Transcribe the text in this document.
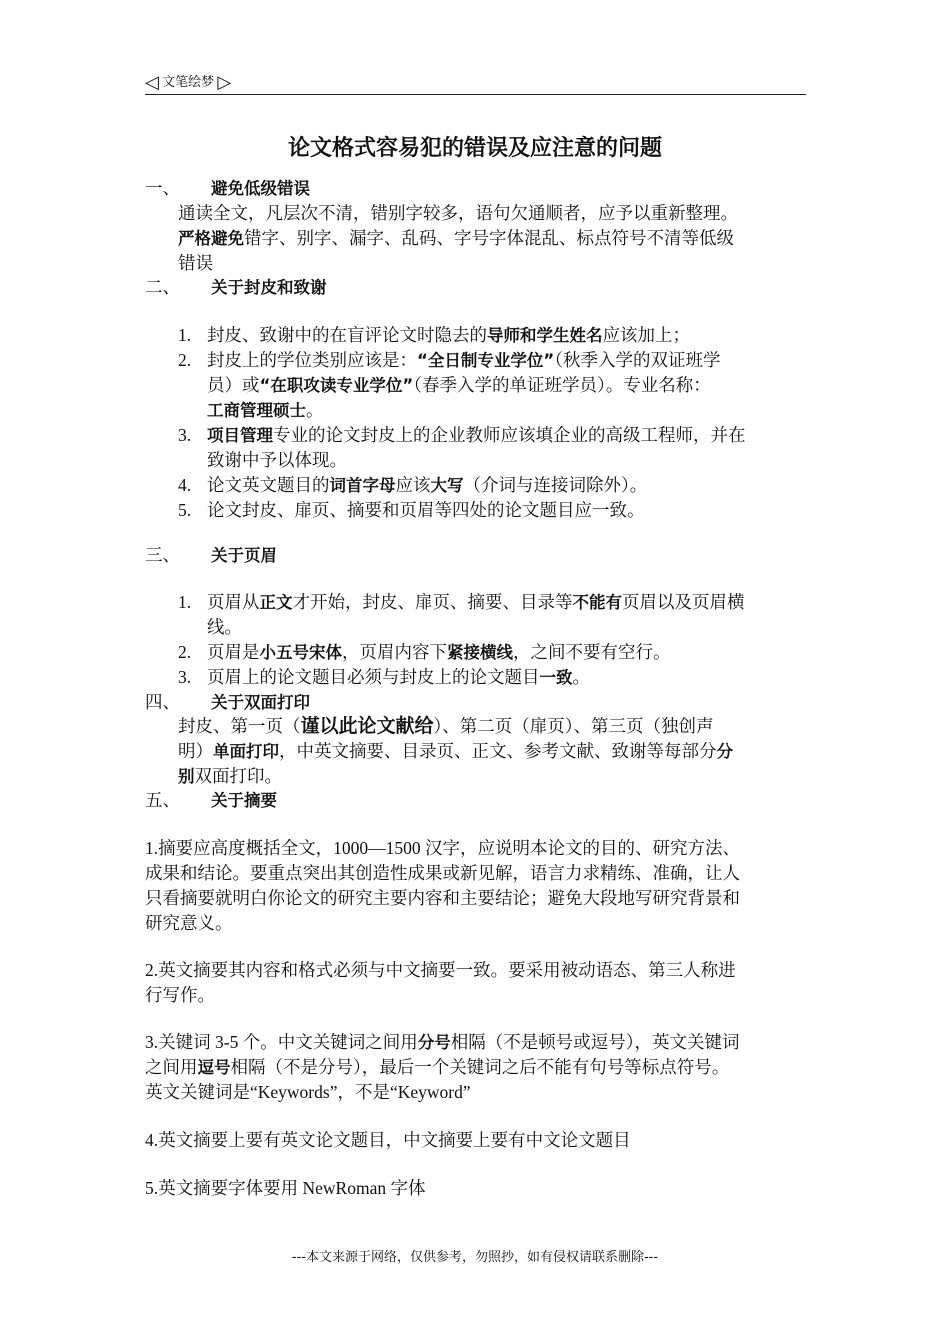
◁ 文笔绘梦 ▷
论文格式容易犯的错误及应注意的问题
一、 避免低级错误
通读全文，凡层次不清，错别字较多，语句欠通顺者，应予以重新整理。
严格避免错字、别字、漏字、乱码、字号字体混乱、标点符号不清等低级
错误
二、 关于封皮和致谢
1. 封皮、致谢中的在盲评论文时隐去的导师和学生姓名应该加上；
2. 封皮上的学位类别应该是：“全日制专业学位”（秋季入学的双证班学
员）或“在职攻读专业学位”（春季入学的单证班学员）。专业名称：
工商管理硕士。
3. 项目管理专业的论文封皮上的企业教师应该填企业的高级工程师，并在
致谢中予以体现。
4. 论文英文题目的词首字母应该大写（介词与连接词除外）。
5. 论文封皮、扉页、摘要和页眉等四处的论文题目应一致。
三、 关于页眉
1. 页眉从正文才开始，封皮、扉页、摘要、目录等不能有页眉以及页眉横
线。
2. 页眉是小五号宋体，页眉内容下紧接横线，之间不要有空行。
3. 页眉上的论文题目必须与封皮上的论文题目一致。
四、 关于双面打印
封皮、第一页（谨以此论文献给）、第二页（扉页）、第三页（独创声
明）单面打印，中英文摘要、目录页、正文、参考文献、致谢等每部分分
别双面打印。
五、 关于摘要
1.摘要应高度概括全文，1000—1500 汉字，应说明本论文的目的、研究方法、
成果和结论。要重点突出其创造性成果或新见解，语言力求精练、准确，让人
只看摘要就明白你论文的研究主要内容和主要结论；避免大段地写研究背景和
研究意义。
2.英文摘要其内容和格式必须与中文摘要一致。要采用被动语态、第三人称进
行写作。
3.关键词 3-5 个。中文关键词之间用分号相隔（不是顿号或逗号），英文关键词
之间用逗号相隔（不是分号），最后一个关键词之后不能有句号等标点符号。
英文关键词是“Keywords”，不是“Keyword”
4.英文摘要上要有英文论文题目，中文摘要上要有中文论文题目
5.英文摘要字体要用 NewRoman 字体
---本文来源于网络，仅供参考，勿照抄，如有侵权请联系删除---
